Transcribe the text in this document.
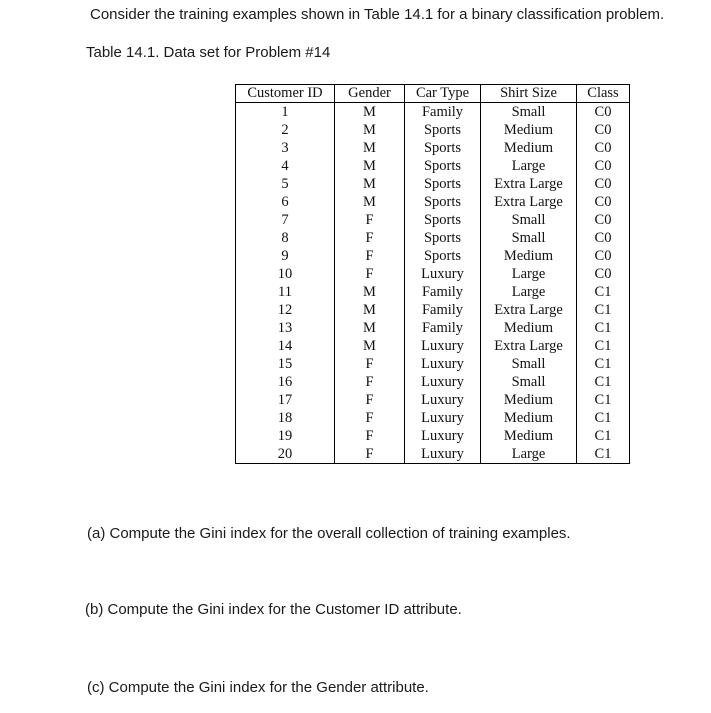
Consider the training examples shown in Table 14.1 for a binary classification problem.

Table 14.1. Data set for Problem #14

Customer ID	Gender	Car Type	Shirt Size	Class
1	M	Family	Small	C0
2	M	Sports	Medium	C0
3	M	Sports	Medium	C0
4	M	Sports	Large	C0
5	M	Sports	Extra Large	C0
6	M	Sports	Extra Large	C0
7	F	Sports	Small	C0
8	F	Sports	Small	C0
9	F	Sports	Medium	C0
10	F	Luxury	Large	C0
11	M	Family	Large	C1
12	M	Family	Extra Large	C1
13	M	Family	Medium	C1
14	M	Luxury	Extra Large	C1
15	F	Luxury	Small	C1
16	F	Luxury	Small	C1
17	F	Luxury	Medium	C1
18	F	Luxury	Medium	C1
19	F	Luxury	Medium	C1
20	F	Luxury	Large	C1

(a) Compute the Gini index for the overall collection of training examples.

(b) Compute the Gini index for the Customer ID attribute.

(c) Compute the Gini index for the Gender attribute.
